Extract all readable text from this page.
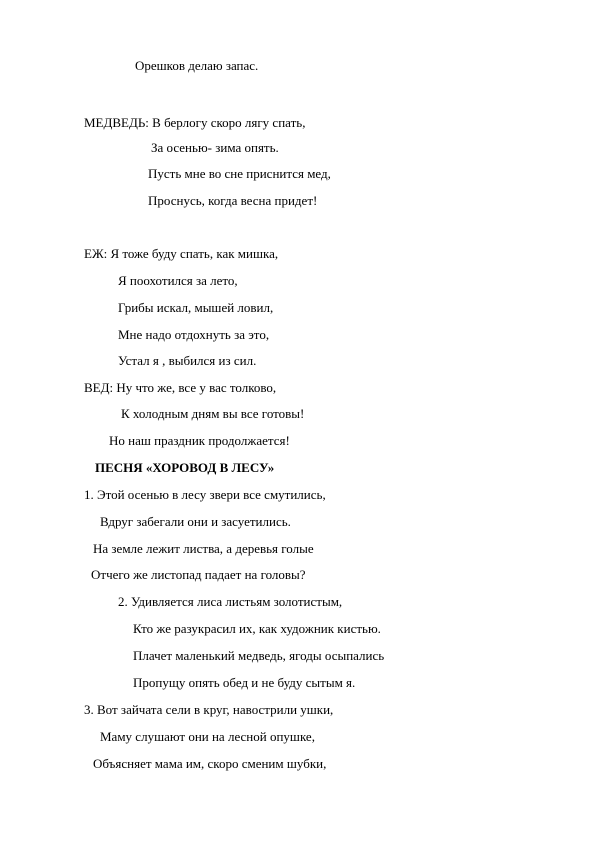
Орешков делаю запас.
МЕДВЕДЬ: В берлогу скоро лягу спать,
За осенью- зима опять.
Пусть мне во сне приснится мед,
Проснусь, когда весна придет!
ЕЖ: Я тоже буду спать, как мишка,
Я поохотился за лето,
Грибы искал, мышей ловил,
Мне надо отдохнуть за это,
Устал я , выбился из сил.
ВЕД: Ну что же, все у вас толково,
К холодным дням вы все готовы!
Но наш праздник продолжается!
ПЕСНЯ «ХОРОВОД В ЛЕСУ»
1. Этой осенью в лесу звери все смутились,
Вдруг забегали они и засуетились.
На земле лежит листва, а деревья голые
Отчего же листопад падает на головы?
2. Удивляется лиса листьям золотистым,
Кто же разукрасил их, как художник кистью.
Плачет маленький медведь, ягоды осыпались
Пропущу опять обед и не буду сытым я.
3. Вот зайчата сели в круг, навострили ушки,
Маму слушают они на лесной опушке,
Объясняет мама им, скоро сменим шубки,
